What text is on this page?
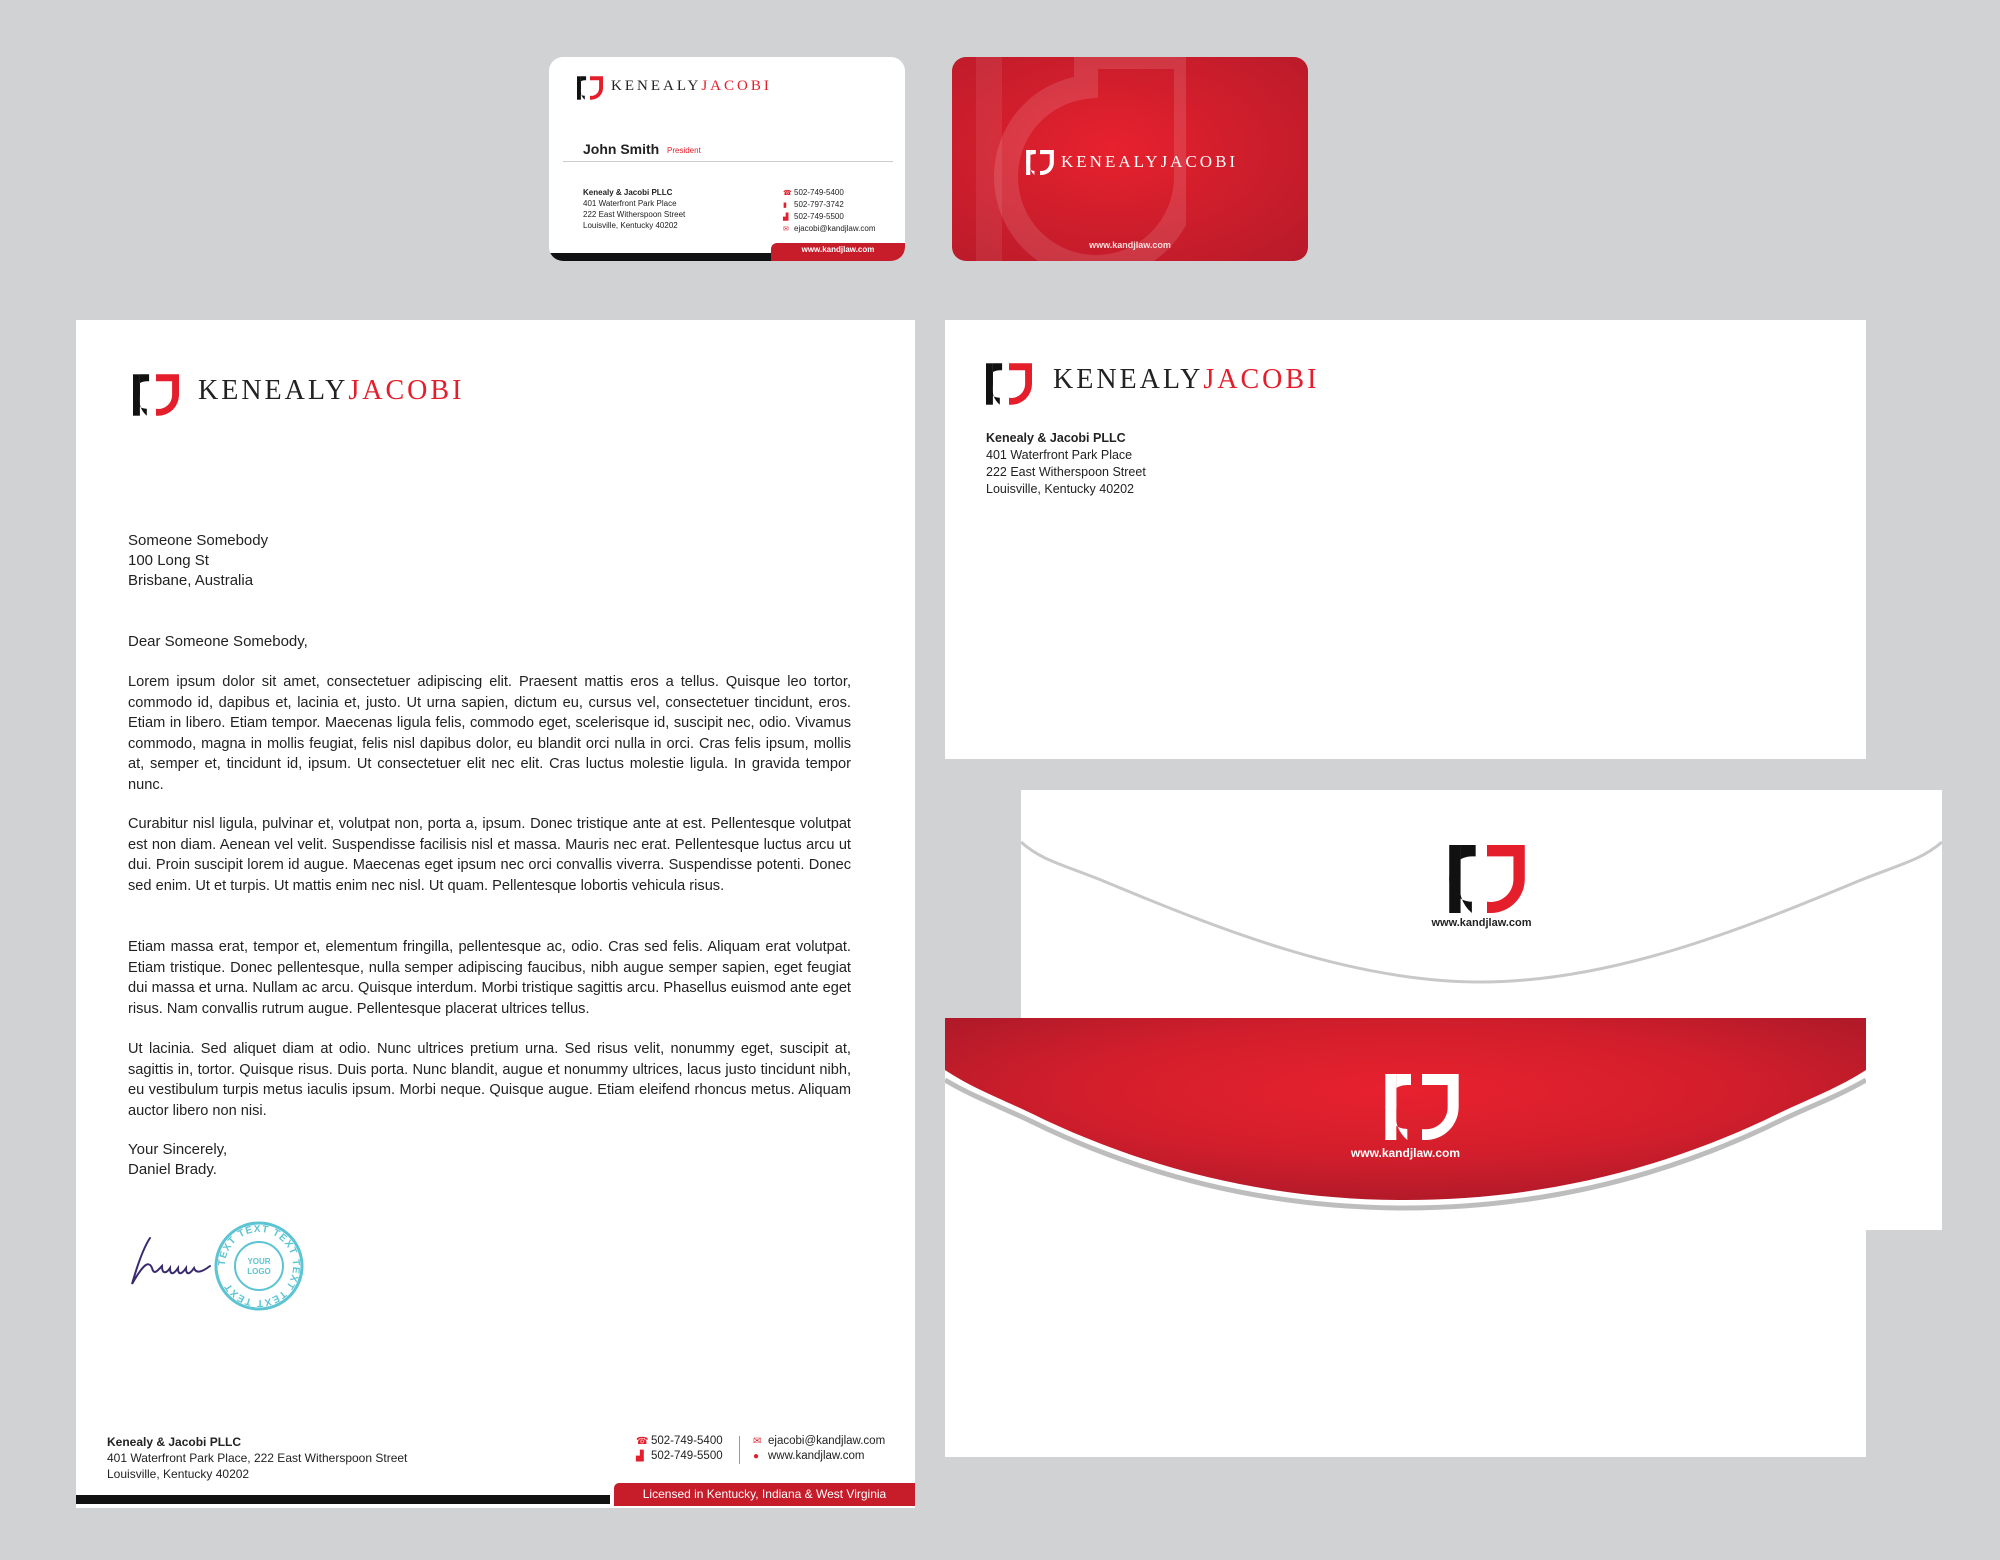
KENEALYJACOBI
John Smith President
Kenealy & Jacobi PLLC
401 Waterfront Park Place
222 East Witherspoon Street
Louisville, Kentucky 40202
☎ 502-749-5400
▮ 502-797-3742
▟ 502-749-5500
✉ ejacobi@kandjlaw.com
www.kandjlaw.com
KENEALYJACOBI
www.kandjlaw.com
KENEALYJACOBI
Someone Somebody
100 Long St
Brisbane, Australia
Dear Someone Somebody,
Lorem ipsum dolor sit amet, consectetuer adipiscing elit. Praesent mattis eros a tellus. Quisque leo tortor, commodo id, dapibus et, lacinia et, justo. Ut urna sapien, dictum eu, cursus vel, consectetuer tincidunt, eros. Etiam in libero. Etiam tempor. Maecenas ligula felis, commodo eget, scelerisque id, suscipit nec, odio. Vivamus commodo, magna in mollis feugiat, felis nisl dapibus dolor, eu blandit orci nulla in orci. Cras felis ipsum, mollis at, semper et, tincidunt id, ipsum. Ut consectetuer elit nec elit. Cras luctus molestie ligula. In gravida tempor nunc.
Curabitur nisl ligula, pulvinar et, volutpat non, porta a, ipsum. Donec tristique ante at est. Pellentesque volutpat est non diam. Aenean vel velit. Suspendisse facilisis nisl et massa. Mauris nec erat. Pellentesque luctus arcu ut dui. Proin suscipit lorem id augue. Maecenas eget ipsum nec orci convallis viverra. Suspendisse potenti. Donec sed enim. Ut et turpis. Ut mattis enim nec nisl. Ut quam. Pellentesque lobortis vehicula risus.
Etiam massa erat, tempor et, elementum fringilla, pellentesque ac, odio. Cras sed felis. Aliquam erat volutpat. Etiam tristique. Donec pellentesque, nulla semper adipiscing faucibus, nibh augue semper sapien, eget feugiat dui massa et urna. Nullam ac arcu. Quisque interdum. Morbi tristique sagittis arcu. Phasellus euismod ante eget risus. Nam convallis rutrum augue. Pellentesque placerat ultrices tellus.
Ut lacinia. Sed aliquet diam at odio. Nunc ultrices pretium urna. Sed risus velit, nonummy eget, suscipit at, sagittis in, tortor. Quisque risus. Duis porta. Nunc blandit, augue et nonummy ultrices, lacus justo tincidunt nibh, eu vestibulum turpis metus iaculis ipsum. Morbi neque. Quisque augue. Etiam eleifend rhoncus metus. Aliquam auctor libero non nisi.
Your Sincerely,
Daniel Brady.
TEXT TEXT TEXT TEXT TEXT TEXT
YOUR
LOGO
Kenealy & Jacobi PLLC
401 Waterfront Park Place, 222 East Witherspoon Street
Louisville, Kentucky 40202
☎ 502-749-5400
▟ 502-749-5500
✉ ejacobi@kandjlaw.com
● www.kandjlaw.com
Licensed in Kentucky, Indiana & West Virginia
KENEALYJACOBI
Kenealy & Jacobi PLLC
401 Waterfront Park Place
222 East Witherspoon Street
Louisville, Kentucky 40202
www.kandjlaw.com
www.kandjlaw.com
